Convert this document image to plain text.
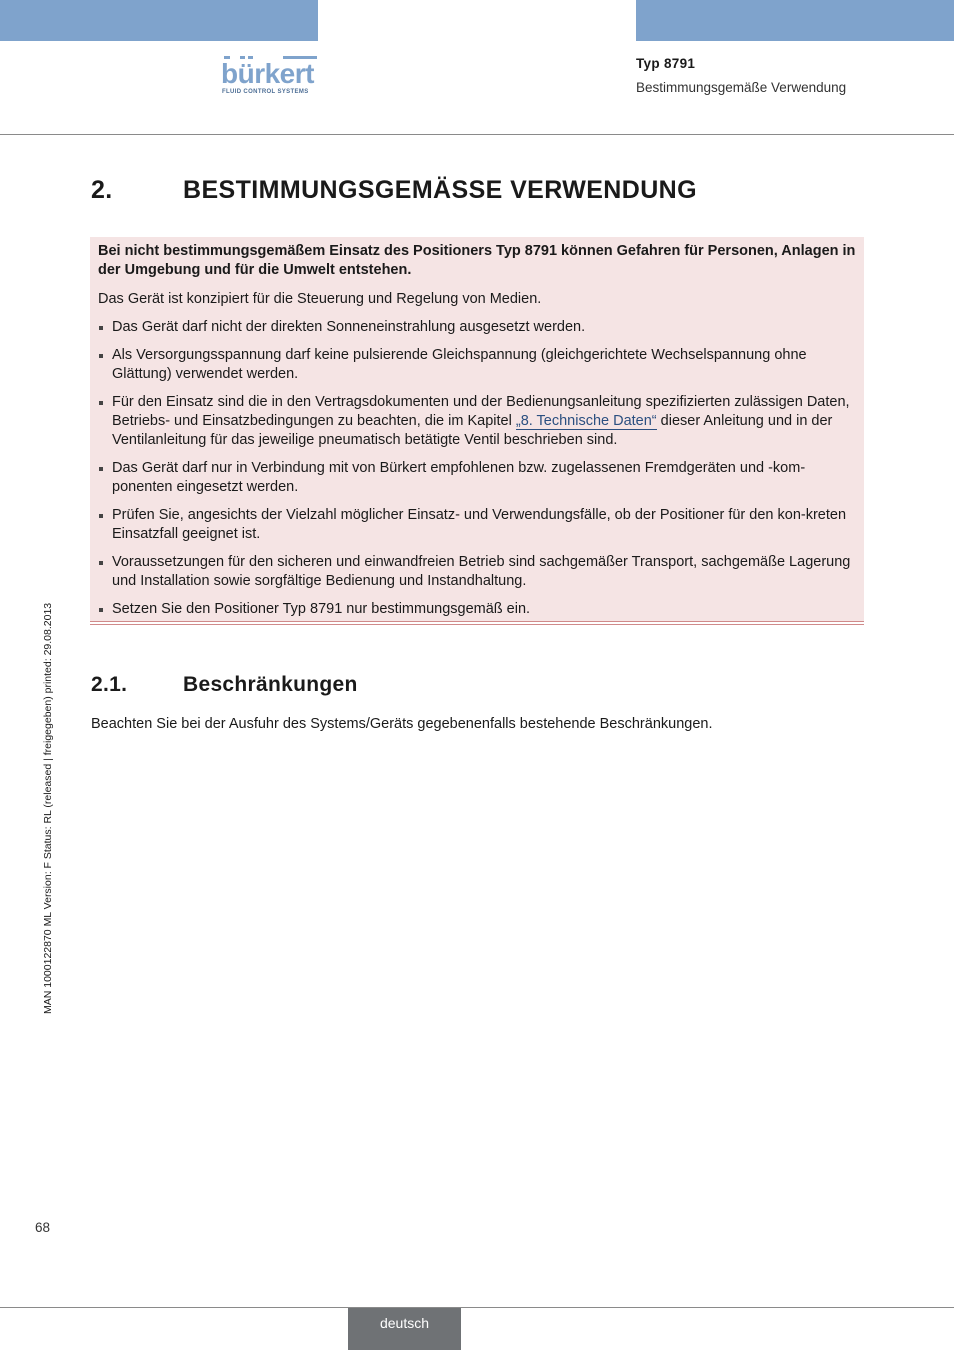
bürkert
FLUID CONTROL SYSTEMS
Typ 8791
Bestimmungsgemäße Verwendung
2.	BESTIMMUNGSGEMÄSSE VERWENDUNG

Bei nicht bestimmungsgemäßem Einsatz des Positioners Typ 8791 können Gefahren für Personen, Anlagen in der Umgebung und für die Umwelt entstehen.

Das Gerät ist konzipiert für die Steuerung und Regelung von Medien.

Das Gerät darf nicht der direkten Sonneneinstrahlung ausgesetzt werden.
Als Versorgungsspannung darf keine pulsierende Gleichspannung (gleichgerichtete Wechselspannung ohne Glättung) verwendet werden.
Für den Einsatz sind die in den Vertragsdokumenten und der Bedienungsanleitung spezifizierten zulässigen Daten, Betriebs- und Einsatzbedingungen zu beachten, die im Kapitel „8. Technische Daten“ dieser Anleitung und in der Ventilanleitung für das jeweilige pneumatisch betätigte Ventil beschrieben sind.
Das Gerät darf nur in Verbindung mit von Bürkert empfohlenen bzw. zugelassenen Fremdgeräten und -kom-ponenten eingesetzt werden.
Prüfen Sie, angesichts der Vielzahl möglicher Einsatz- und Verwendungsfälle, ob der Positioner für den kon-kreten Einsatzfall geeignet ist.
Voraussetzungen für den sicheren und einwandfreien Betrieb sind sachgemäßer Transport, sachgemäße Lagerung und Installation sowie sorgfältige Bedienung und Instandhaltung.
Setzen Sie den Positioner Typ 8791 nur bestimmungsgemäß ein.
2.1.	Beschränkungen
Beachten Sie bei der Ausfuhr des Systems/Geräts gegebenenfalls bestehende Beschränkungen.
MAN 1000122870 ML Version: F Status: RL (released | freigegeben) printed: 29.08.2013
68
deutsch
